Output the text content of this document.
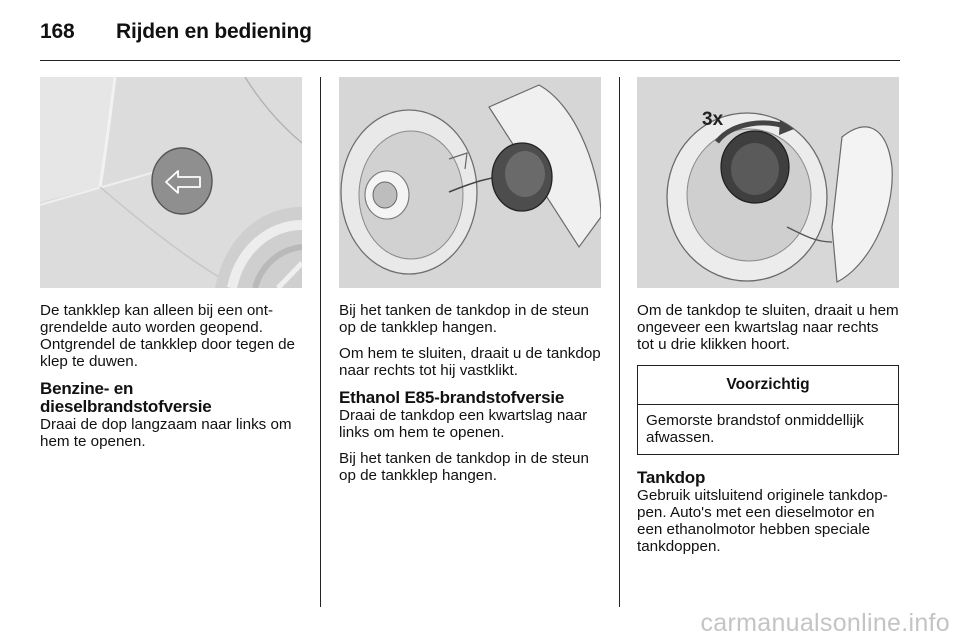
168 Rijden en bediening
3x

De tankklep kan alleen bij een ontgrendelde auto worden geopend. Ontgrendel de tankklep door tegen de klep te duwen.

Benzine- en dieselbrandstofversie

Draai de dop langzaam naar links om hem te openen.

Bij het tanken de tankdop in de steun op de tankklep hangen.

Om hem te sluiten, draait u de tankdop naar rechts tot hij vastklikt.

Ethanol E85-brandstofversie

Draai de tankdop een kwartslag naar links om hem te openen.

Bij het tanken de tankdop in de steun op de tankklep hangen.

Om de tankdop te sluiten, draait u hem ongeveer een kwartslag naar rechts tot u drie klikken hoort.

Voorzichtig
Gemorste brandstof onmiddellijk afwassen.
Tankdop

Gebruik uitsluitend originele tankdoppen. Auto's met een dieselmotor en een ethanolmotor hebben speciale tankdoppen.

carmanualsonline.info
